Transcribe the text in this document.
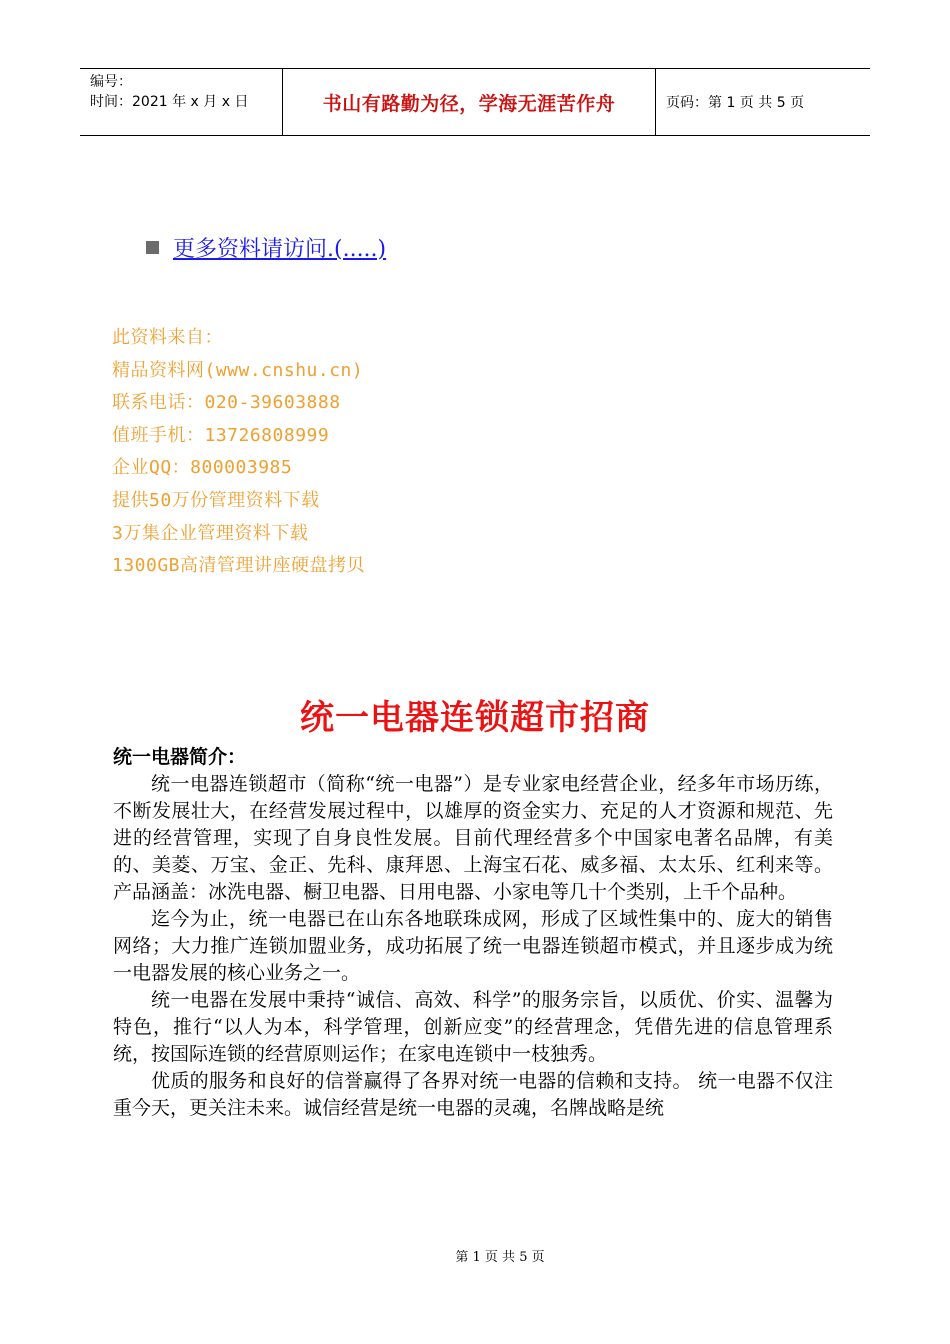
编号：
时间：2021 年 x 月 x 日	书山有路勤为径，学海无涯苦作舟	页码：第 1 页 共 5 页
更多资料请访问.(.....)
此资料来自：
精品资料网(www.cnshu.cn)
联系电话：020-39603888
值班手机：13726808999
企业QQ：800003985
提供50万份管理资料下载
3万集企业管理资料下载
1300GB高清管理讲座硬盘拷贝
统一电器连锁超市招商
统一电器简介：

统一电器连锁超市（简称“统一电器”）是专业家电经营企业，经多年市场历练，不断发展壮大，在经营发展过程中，以雄厚的资金实力、充足的人才资源和规范、先进的经营管理，实现了自身良性发展。目前代理经营多个中国家电著名品牌，有美的、美菱、万宝、金正、先科、康拜恩、上海宝石花、威多福、太太乐、红利来等。产品涵盖：冰洗电器、橱卫电器、日用电器、小家电等几十个类别，上千个品种。

迄今为止，统一电器已在山东各地联珠成网，形成了区域性集中的、庞大的销售网络；大力推广连锁加盟业务，成功拓展了统一电器连锁超市模式，并且逐步成为统一电器发展的核心业务之一。

统一电器在发展中秉持“诚信、高效、科学”的服务宗旨，以质优、价实、温馨为特色，推行“以人为本，科学管理，创新应变”的经营理念，凭借先进的信息管理系统，按国际连锁的经营原则运作；在家电连锁中一枝独秀。

优质的服务和良好的信誉赢得了各界对统一电器的信赖和支持。 统一电器不仅注重今天，更关注未来。诚信经营是统一电器的灵魂，名牌战略是统

第 1 页 共 5 页
